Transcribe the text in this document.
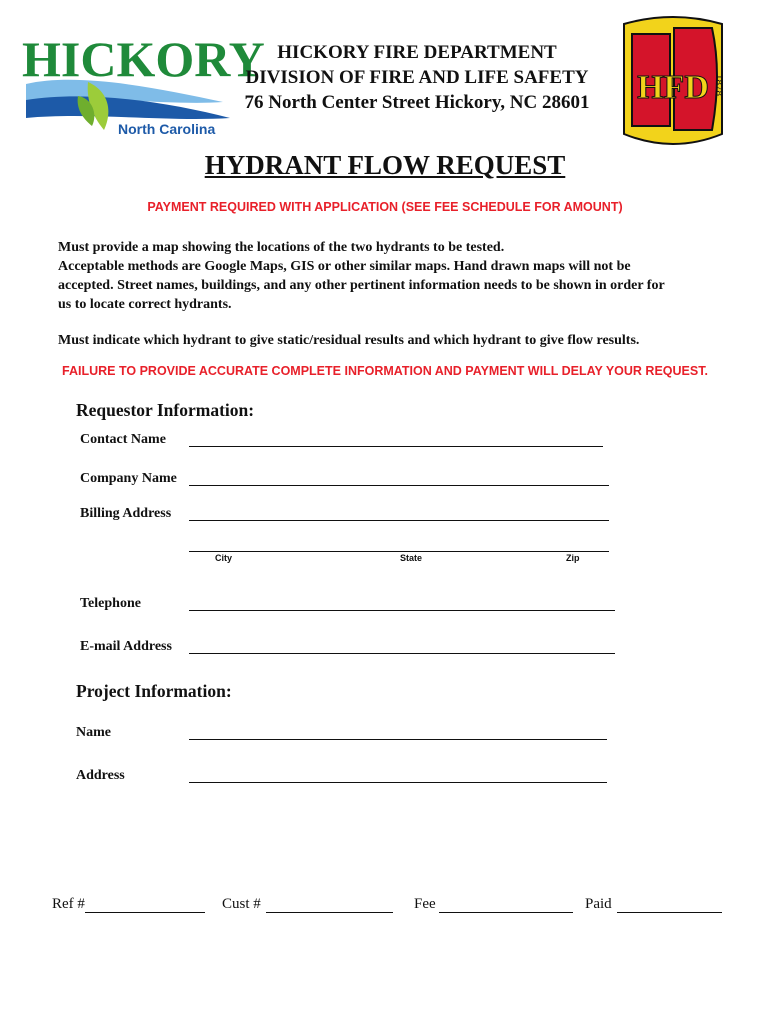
HICKORY
North Carolina
HFD 1878
HICKORY FIRE DEPARTMENT
DIVISION OF FIRE AND LIFE SAFETY
76 North Center Street Hickory, NC 28601
HYDRANT FLOW REQUEST
PAYMENT REQUIRED WITH APPLICATION (SEE FEE SCHEDULE FOR AMOUNT)
Must provide a map showing the locations of the two hydrants to be tested.
Acceptable methods are Google Maps, GIS or other similar maps. Hand drawn maps will not be
accepted. Street names, buildings, and any other pertinent information needs to be shown in order for
us to locate correct hydrants.
Must indicate which hydrant to give static/residual results and which hydrant to give flow results.
FAILURE TO PROVIDE ACCURATE COMPLETE INFORMATION AND PAYMENT WILL DELAY YOUR REQUEST.
Requestor Information:
Contact Name
Company Name
Billing Address
City	State	Zip
Telephone
E-mail Address
Project Information:
Name
Address
Ref #	Cust #	Fee	Paid
